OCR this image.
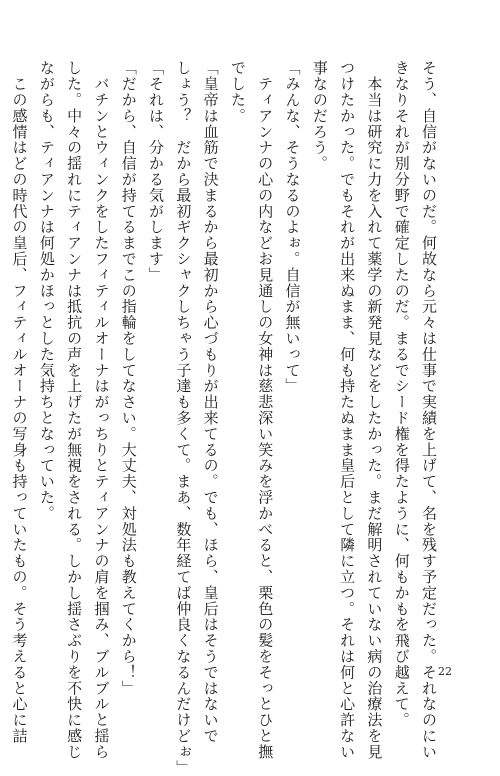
そう、自信がないのだ。何故なら元々は仕事で実績を上げて、名を残す予定だった。それなのにい

きなりそれが別分野で確定したのだ。まるでシード権を得たように、何もかもを飛び越えて。

　本当は研究に力を入れて薬学の新発見などをしたかった。まだ解明されていない病の治療法を見

つけたかった。でもそれが出来ぬまま、何も持たぬまま皇后として隣に立つ。それは何と心許ない

事なのだろう。

「みんな、そうなるのよぉ。自信が無いって」

　ティアンナの心の内などお見通しの女神は慈悲深い笑みを浮かべると、栗色の髪をそっとひと撫

でした。

「皇帝は血筋で決まるから最初から心づもりが出来てるの。でも、ほら、皇后はそうではないで

しょう？　だから最初ギクシャクしちゃう子達も多くて。まあ、数年経てば仲良くなるんだけどぉ」

「それは、分かる気がします」

「だから、自信が持てるまでこの指輪をしてなさい。大丈夫、対処法も教えてくから！」

　バチンとウィンクをしたフィティルオーナはがっちりとティアンナの肩を掴み、ブルブルと揺ら

した。中々の揺れにティアンナは抵抗の声を上げたが無視をされる。しかし揺さぶりを不快に感じ

ながらも、ティアンナは何処かほっとした気持ちとなっていた。

　この感情はどの時代の皇后、フィティルオーナの写身も持っていたもの。そう考えると心に詰	22
